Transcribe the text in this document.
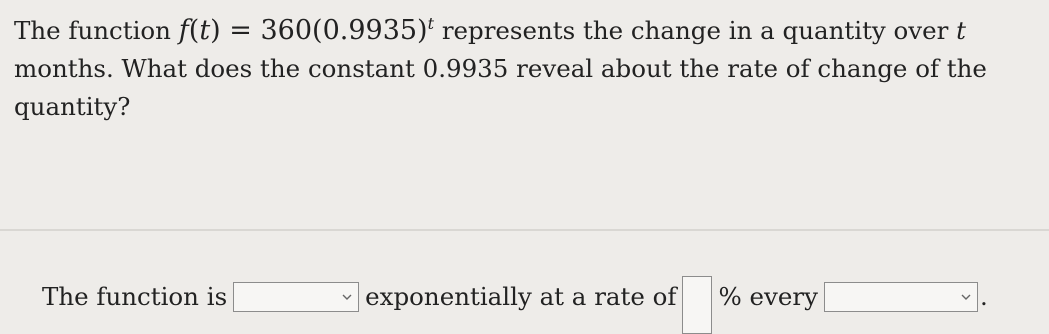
The function $f(t) = 360(0.9935)^t$ represents the change in a quantity over t months. What does the constant 0.9935 reveal about the rate of change of the quantity?
The function is	exponentially at a rate of % every	.
